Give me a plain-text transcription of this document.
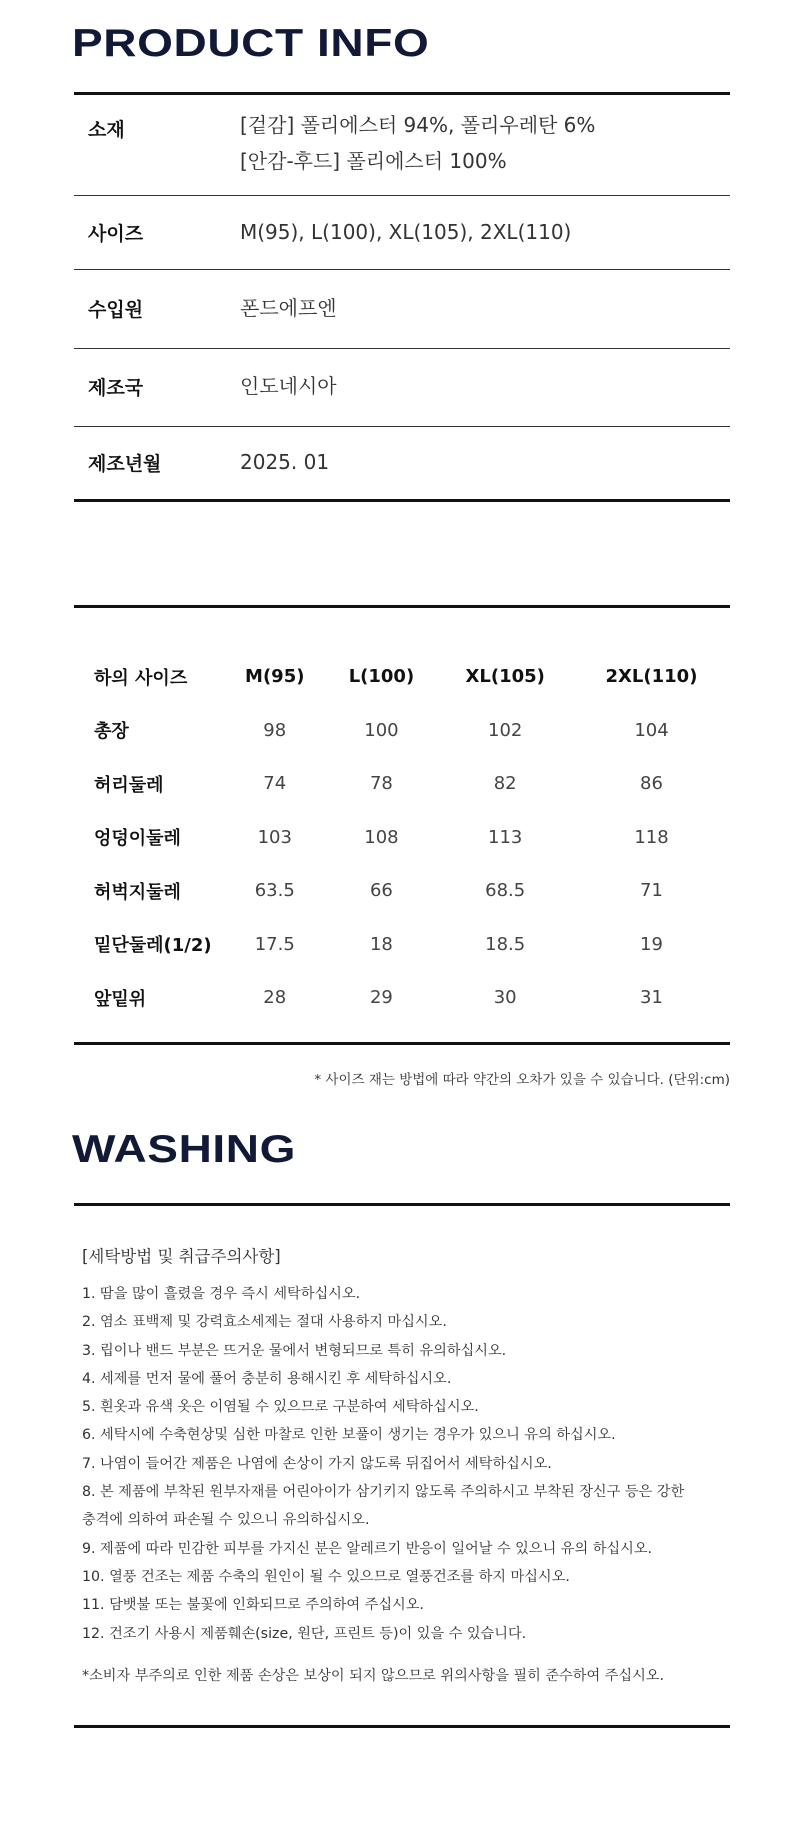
PRODUCT INFO
소재	[겉감] 폴리에스터 94%, 폴리우레탄 6%
[안감-후드] 폴리에스터 100%
사이즈	M(95), L(100), XL(105), 2XL(110)
수입원	폰드에프엔
제조국	인도네시아
제조년월	2025. 01
하의 사이즈	M(95)	L(100)	XL(105)	2XL(110)
총장	98	100	102	104
허리둘레	74	78	82	86
엉덩이둘레	103	108	113	118
허벅지둘레	63.5	66	68.5	71
밑단둘레(1/2)	17.5	18	18.5	19
앞밑위	28	29	30	31
* 사이즈 재는 방법에 따라 약간의 오차가 있을 수 있습니다. (단위:cm)
WASHING
[세탁방법 및 취급주의사항]
1. 땀을 많이 흘렸을 경우 즉시 세탁하십시오.
2. 염소 표백제 및 강력효소세제는 절대 사용하지 마십시오.
3. 립이나 밴드 부분은 뜨거운 물에서 변형되므로 특히 유의하십시오.
4. 세제를 먼저 물에 풀어 충분히 용해시킨 후 세탁하십시오.
5. 흰옷과 유색 옷은 이염될 수 있으므로 구분하여 세탁하십시오.
6. 세탁시에 수축현상및 심한 마찰로 인한 보풀이 생기는 경우가 있으니 유의 하십시오.
7. 나염이 들어간 제품은 나염에 손상이 가지 않도록 뒤집어서 세탁하십시오.
8. 본 제품에 부착된 원부자재를 어린아이가 삼기키지 않도록 주의하시고 부착된 장신구 등은 강한
충격에 의하여 파손될 수 있으니 유의하십시오.
9. 제품에 따라 민감한 피부를 가지신 분은 알레르기 반응이 일어날 수 있으니 유의 하십시오.
10. 열풍 건조는 제품 수축의 원인이 될 수 있으므로 열풍건조를 하지 마십시오.
11. 담뱃불 또는 불꽃에 인화되므로 주의하여 주십시오.
12. 건조기 사용시 제품훼손(size, 원단, 프린트 등)이 있을 수 있습니다.
*소비자 부주의로 인한 제품 손상은 보상이 되지 않으므로 위의사항을 필히 준수하여 주십시오.
